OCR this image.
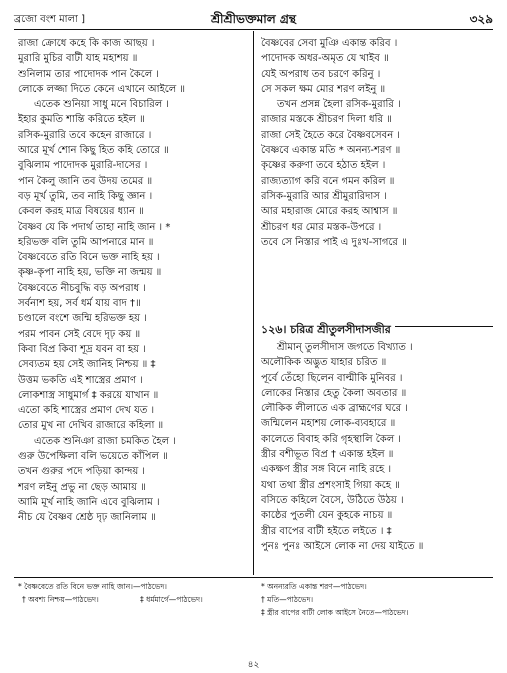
ব্রজো বংশ মালা ]	শ্রীশ্রীভক্তমাল গ্রন্থ	৩২৯
রাজা ক্রোধে কহে কি কাজ আছয় ।
মুরারি মুচির বাটী যাহ মহাশয় ॥
শুনিলাম তার পাদোদক পান কৈলে ।
লোকে লজ্জা দিতে কেনে এখানে আইলে ॥
এতেক শুনিয়া সাধু মনে বিচারিল ।
ইহার কুমতি শান্তি করিতে হইল ॥
রসিক-মুরারি তবে কহেন রাজারে ।
আরে মূর্খ শোন কিছু হিত কহি তোরে ॥
বুঝিলাম পাদোদক মুরারি-দাসের ।
পান কৈলু জানি তব উদয় তমের ॥
বড় মূর্খ তুমি, তব নাহি কিছু জ্ঞান ।
কেবল করহ মাত্র বিষয়ের ধ্যান ॥
বৈষ্ণব যে কি পদার্থ তাহা নাহি জান । *
হরিভক্ত বলি তুমি আপনারে মান ॥
বৈষ্ণবেতে রতি বিনে ভক্ত নাহি হয় ।
কৃষ্ণ-কৃপা নাহি হয়, ভক্তি না জন্ময় ॥
বৈষ্ণবেতে নীচবুদ্ধি বড় অপরাধ ।
সর্বনাশ হয়, সর্ব ধর্ম যায় বাদ †॥
চণ্ডালে বংশে জন্মি হরিভক্ত হয় ।
পরম পাবন সেই বেদে দৃঢ় কয় ॥
কিবা বিপ্র কিবা শূদ্র যবন বা হয় ।
সেব্যতম হয় সেই জানিহ নিশ্চয় ॥ ‡
উত্তম ভকতি এই শাস্ত্রের প্রমাণ ।
লোকশাস্ত্র সাধুমার্গ ‡ করয়ে যাখান ॥
এতো কহি শাস্ত্রের প্রমাণ দেখ যত ।
তোর মুখ না দেখিব রাজারে কহিলা ॥
এতেক শুনিঞা রাজা চমকিত হৈল ।
গুরু উপেক্ষিলা বলি ভয়েতে কাঁপিল ॥
তখন গুরুর পদে পড়িয়া কান্দয় ।
শরণ লইনু প্রভু না ছেড় আমায় ॥
আমি মূর্খ নাহি জানি এবে বুঝিলাম ।
নীচ যে বৈষ্ণব শ্রেষ্ঠ দৃঢ় জানিলাম ॥
বৈষ্ণবের সেবা মুঞি একান্ত করিব ।
পাদোদক অধর-অমৃত যে খাইব ॥
যেই অপরাধ তব চরণে করিনু ।
সে সকল ক্ষম মোর শরণ লইনু ॥
তখন প্রসন্ন হৈলা রসিক-মুরারি ।
রাজার মস্তকে শ্রীচরণ দিলা ধরি ॥
রাজা সেই হৈতে করে বৈষ্ণবসেবন ।
বৈষ্ণবে একান্ত মতি * অনন্য-শরণ ॥
কৃষ্ণের করুণা তবে হঠাত হইল ।
রাজ্যত্যাগ করি বনে গমন করিল ॥
রসিক-মুরারি আর শ্রীমুরারিদাস ।
আর মহারাজ মোরে করহ আশ্বাস ॥
শ্রীচরণ ধর মোর মস্তক-উপরে ।
তবে সে নিস্তার পাই এ দুঃখ-সাগরে ॥
১২৬। চরিত্র শ্রীতুলসীদাসজীর
শ্রীমান্ তুলসীদাস জগতে বিখ্যাত ।
অলৌকিক অদ্ভুত যাহার চরিত ॥
পূর্বে তেঁহো ছিলেন বাল্মীকি মুনিবর ।
লোকের নিস্তার হেতু কৈলা অবতার ॥
লৌকিক লীলাতে এক ব্রাহ্মণের ঘরে ।
জন্মিলেন মহাশয় লোক-ব্যবহারে ॥
কালেতে বিবাহ করি গৃহস্থালি কৈল ।
স্ত্রীর বশীভূত বিপ্র † একান্ত হইল ॥
একক্ষণ স্ত্রীর সঙ্গ বিনে নাহি রহে ।
যথা তথা স্ত্রীর প্রশংসাই গিয়া কহে ॥
বসিতে কহিলে বৈসে, উঠিতে উঠয় ।
কাষ্ঠের পুতলী যেন কুহকে নাচয় ॥
স্ত্রীর বাপের বাটী হইতে লইতে । ‡
পুনঃ পুনঃ আইসে লোক না দেয় যাইতে ॥
* বৈষ্ণবেতে রতি বিনে ভক্ত নাহি জান।—পাঠভেদ।
† অবশ্য নিশ্চয়—পাঠভেদ।	‡ ধর্মমার্গে—পাঠভেদ।
* অনন্যরতি একান্ত শরণ—পাঠভেদ।
† মতি—পাঠভেদ।
‡ স্ত্রীর বাপের বাটী লোক আইসে নৈতে—পাঠভেদ।
৪২
